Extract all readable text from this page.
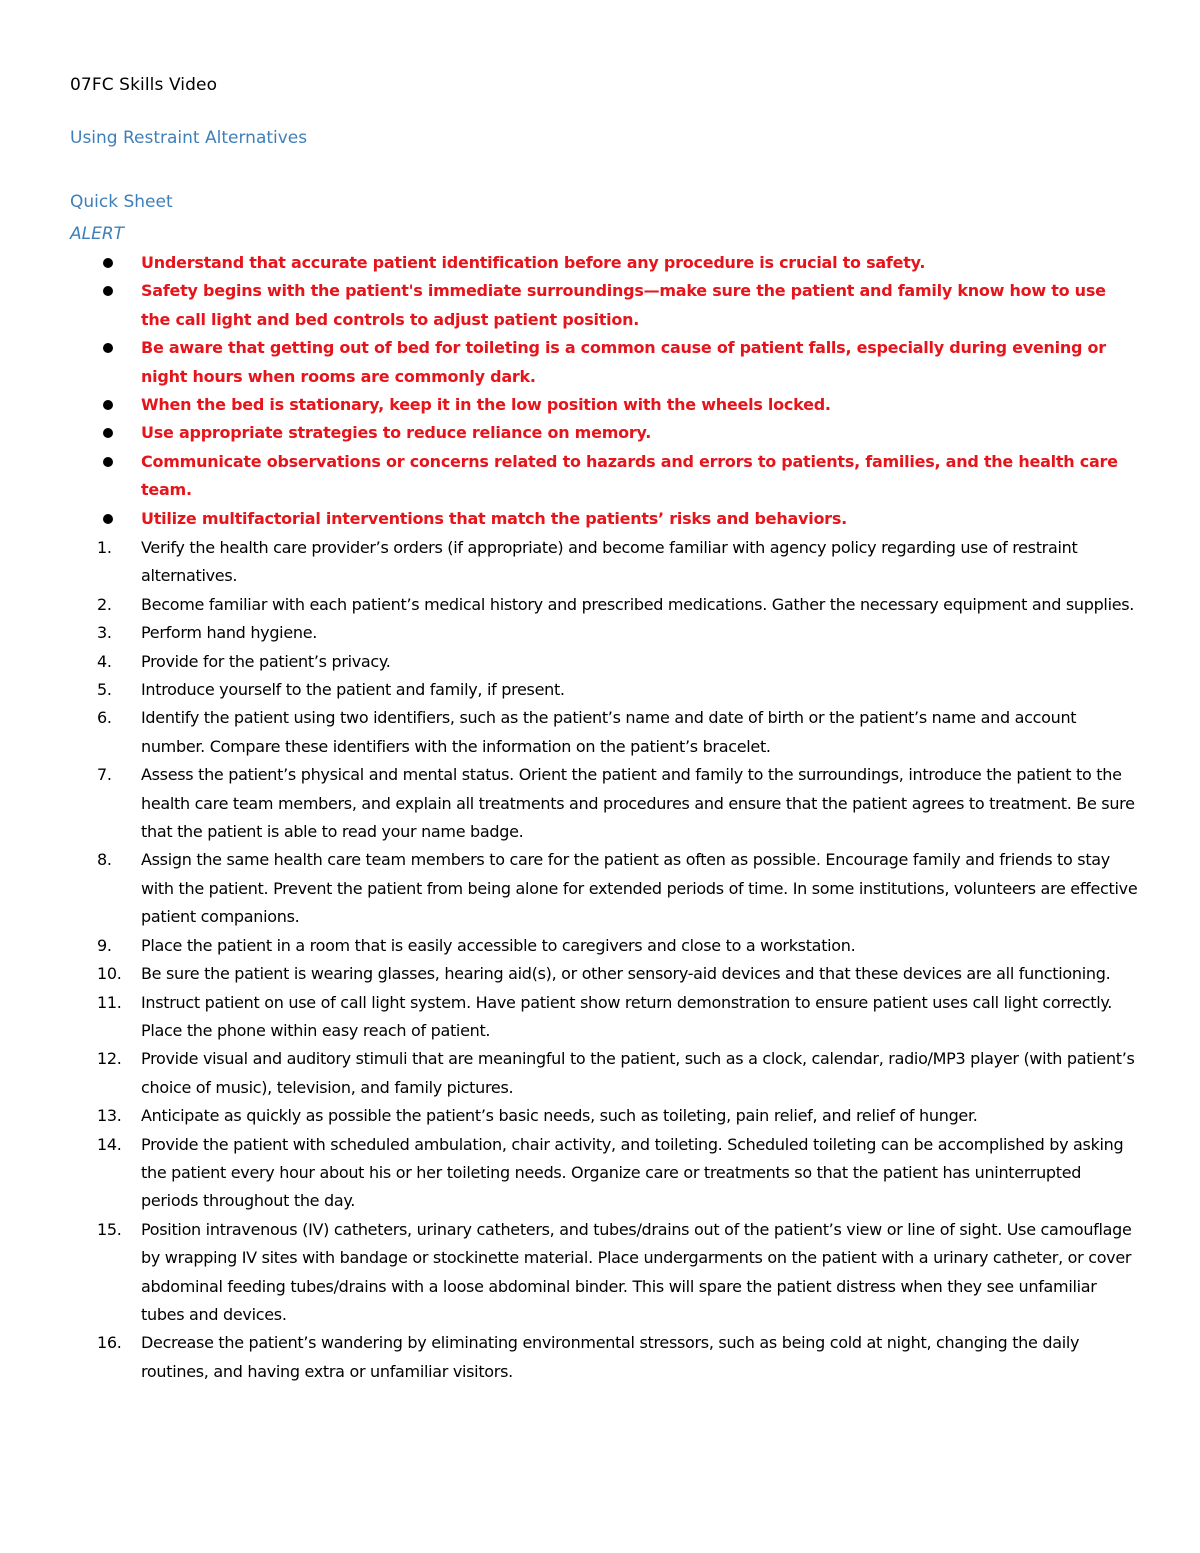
07FC Skills Video
Using Restraint Alternatives
Quick Sheet
ALERT
Understand that accurate patient identification before any procedure is crucial to safety.
Safety begins with the patient's immediate surroundings—make sure the patient and family know how to use the call light and bed controls to adjust patient position.
Be aware that getting out of bed for toileting is a common cause of patient falls, especially during evening or night hours when rooms are commonly dark.
When the bed is stationary, keep it in the low position with the wheels locked.
Use appropriate strategies to reduce reliance on memory.
Communicate observations or concerns related to hazards and errors to patients, families, and the health care team.
Utilize multifactorial interventions that match the patients’ risks and behaviors.
1.	Verify the health care provider’s orders (if appropriate) and become familiar with agency policy regarding use of restraint alternatives.
2.	Become familiar with each patient’s medical history and prescribed medications. Gather the necessary equipment and supplies.
3.	Perform hand hygiene.
4.	Provide for the patient’s privacy.
5.	Introduce yourself to the patient and family, if present.
6.	Identify the patient using two identifiers, such as the patient’s name and date of birth or the patient’s name and account number. Compare these identifiers with the information on the patient’s bracelet.
7.	Assess the patient’s physical and mental status. Orient the patient and family to the surroundings, introduce the patient to the health care team members, and explain all treatments and procedures and ensure that the patient agrees to treatment. Be sure that the patient is able to read your name badge.
8.	Assign the same health care team members to care for the patient as often as possible. Encourage family and friends to stay with the patient. Prevent the patient from being alone for extended periods of time. In some institutions, volunteers are effective patient companions.
9.	Place the patient in a room that is easily accessible to caregivers and close to a workstation.
10.	Be sure the patient is wearing glasses, hearing aid(s), or other sensory-aid devices and that these devices are all functioning.
11.	Instruct patient on use of call light system. Have patient show return demonstration to ensure patient uses call light correctly. Place the phone within easy reach of patient.
12.	Provide visual and auditory stimuli that are meaningful to the patient, such as a clock, calendar, radio/MP3 player (with patient’s choice of music), television, and family pictures.
13.	Anticipate as quickly as possible the patient’s basic needs, such as toileting, pain relief, and relief of hunger.
14.	Provide the patient with scheduled ambulation, chair activity, and toileting. Scheduled toileting can be accomplished by asking the patient every hour about his or her toileting needs. Organize care or treatments so that the patient has uninterrupted periods throughout the day.
15.	Position intravenous (IV) catheters, urinary catheters, and tubes/drains out of the patient’s view or line of sight. Use camouflage by wrapping IV sites with bandage or stockinette material. Place undergarments on the patient with a urinary catheter, or cover abdominal feeding tubes/drains with a loose abdominal binder. This will spare the patient distress when they see unfamiliar tubes and devices.
16.	Decrease the patient’s wandering by eliminating environmental stressors, such as being cold at night, changing the daily routines, and having extra or unfamiliar visitors.
